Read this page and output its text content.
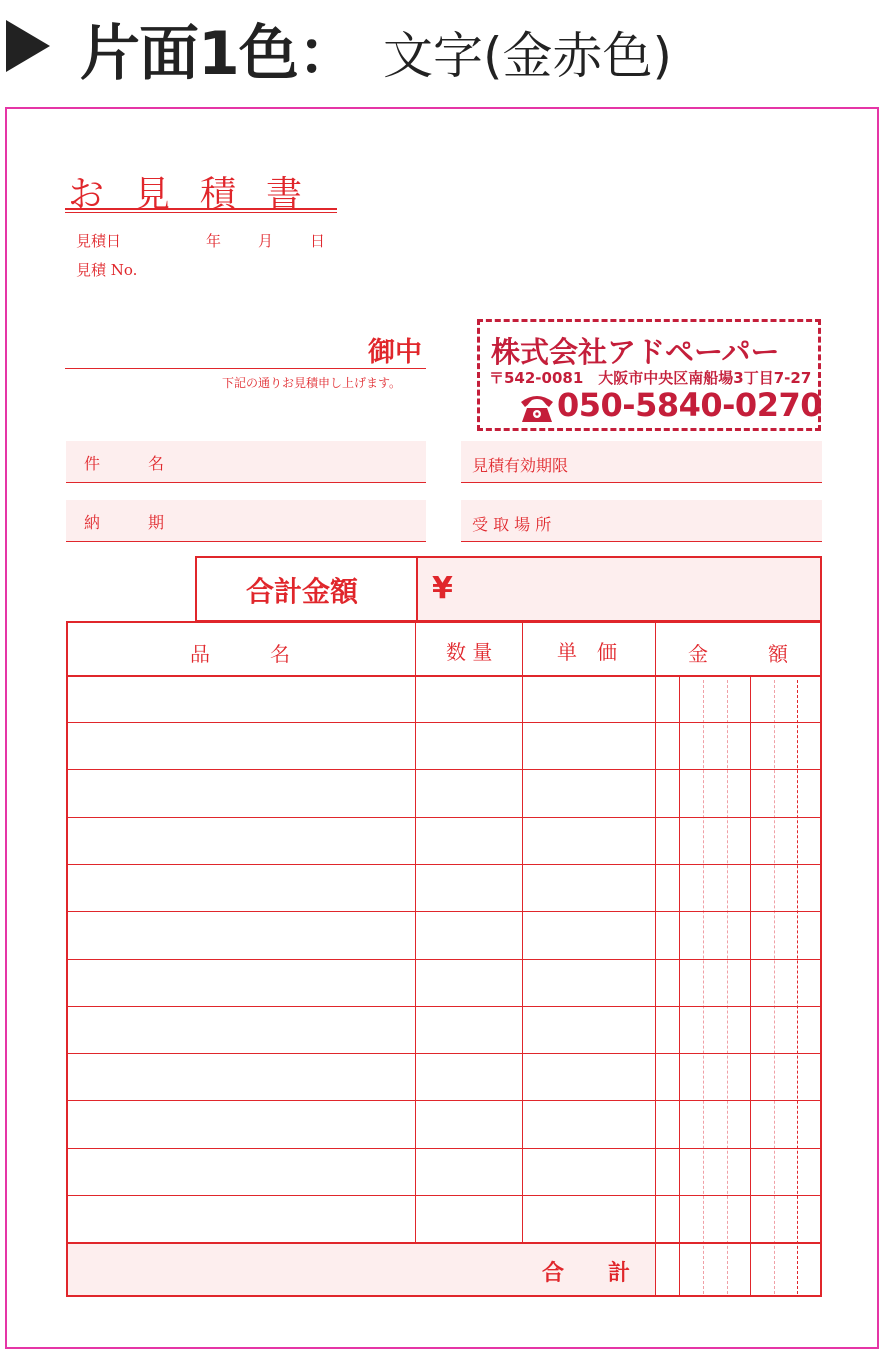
片面1色： 文字(金赤色)
お見積書
見積日	年 月 日
見積 No.
御中
下記の通りお見積申し上げます。
株式会社アドペーパー
〒542-0081　大阪市中央区南船場3丁目7-27
050-5840-0270
件　　　名
納　　　期
見積有効期限
受 取 場 所
合計金額 ¥
品　　　名	数 量	単　価	金　　　額
合　　計
